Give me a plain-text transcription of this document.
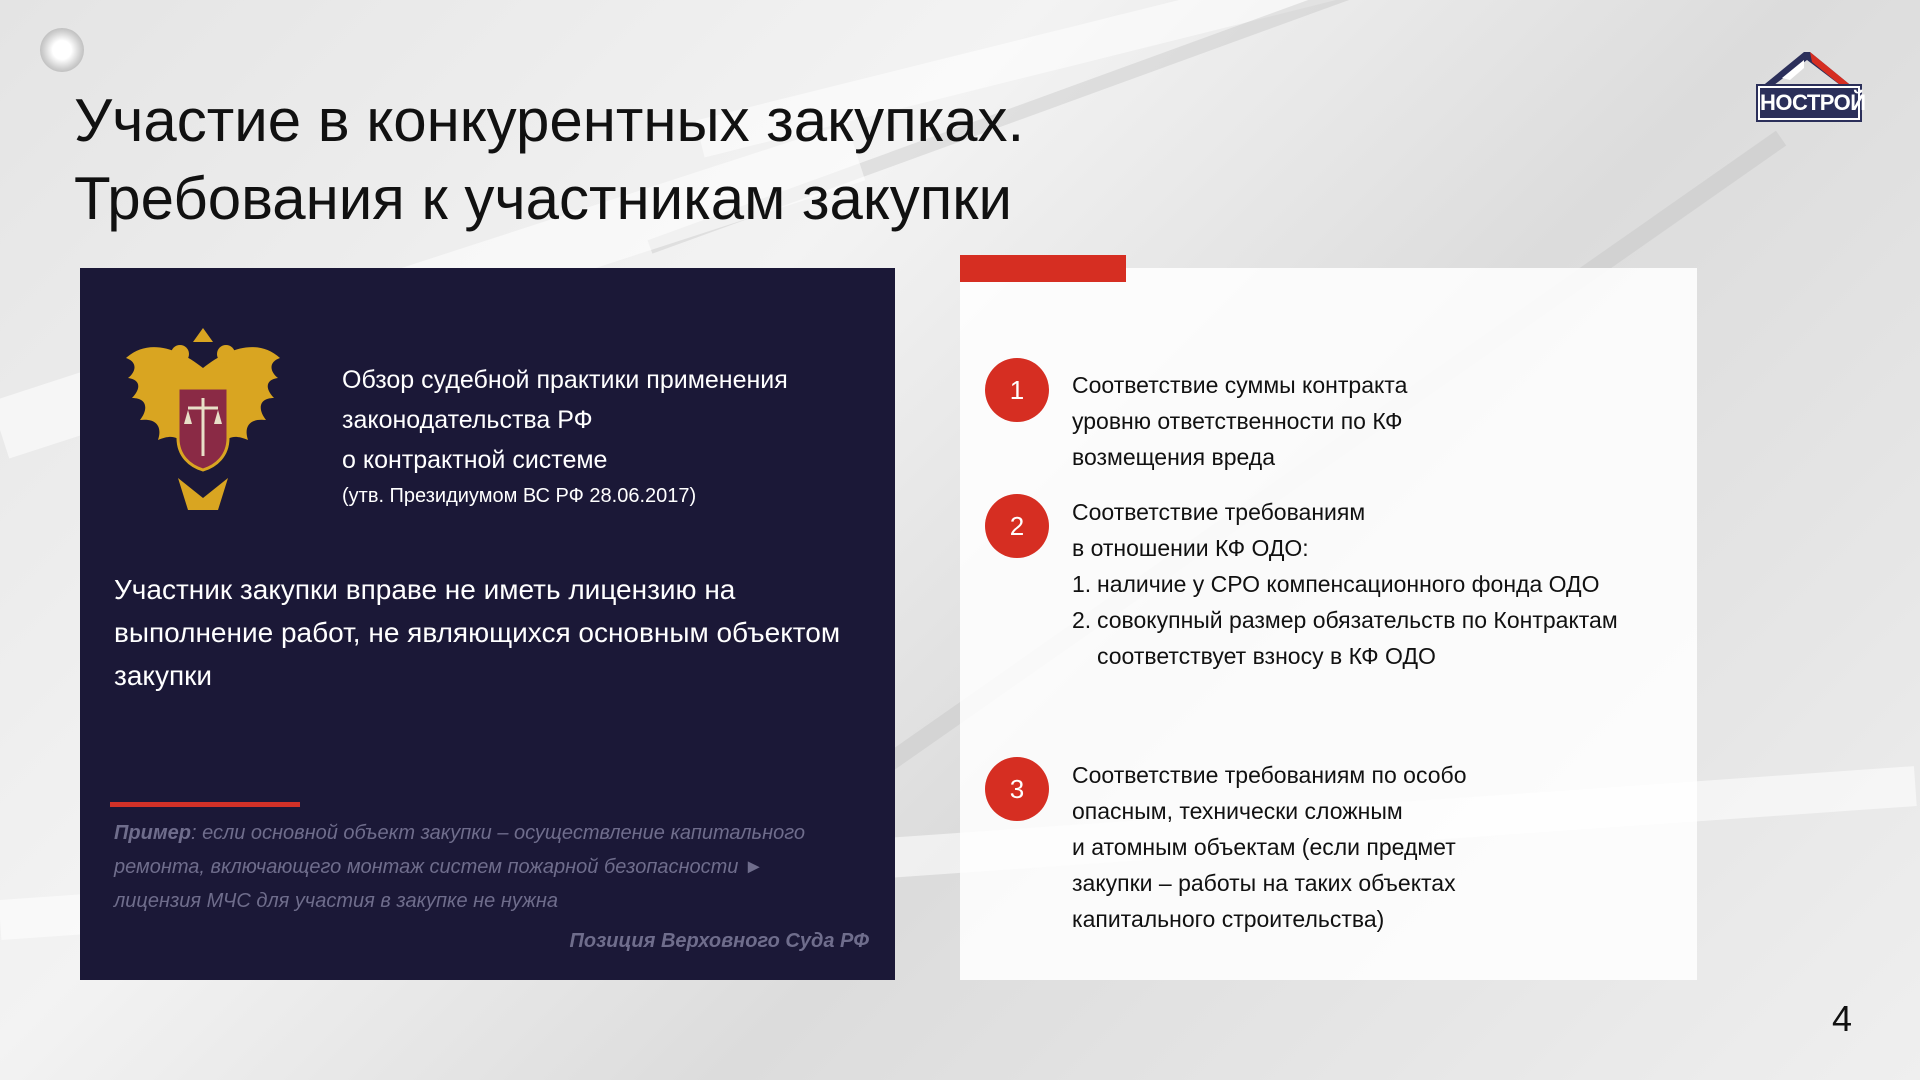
Участие в конкурентных закупках.
Требования к участникам закупки
НОСТРОЙ
Обзор судебной практики применения
законодательства РФ
о контрактной системе
(утв. Президиумом ВС РФ 28.06.2017)

Участник закупки вправе не иметь лицензию на выполнение работ, не являющихся основным объектом закупки

Пример: если основной объект закупки – осуществление капитального ремонта, включающего монтаж систем пожарной безопасности ► лицензия МЧС для участия в закупке не нужна
Позиция Верховного Суда РФ
1	Соответствие суммы контракта
уровню ответственности по КФ
возмещения вреда
2	Соответствие требованиям
в отношении КФ ОДО:
1. наличие у СРО компенсационного фонда ОДО
2. совокупный размер обязательств по Контрактам соответствует взносу в КФ ОДО
3	Соответствие требованиям по особо
опасным, технически сложным
и атомным объектам (если предмет
закупки – работы на таких объектах
капитального строительства)
4
